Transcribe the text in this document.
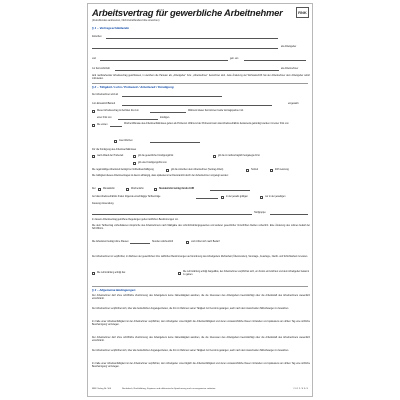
RNK
Arbeitsvertrag für gewerbliche Arbeitnehmer
(Zutreffendes ankreuzen, Nichtzutreffendes bitte streichen)
§ 1 – Vertragsschließende
Zwischen
als Arbeitgeber
und	geb. am
zur Zeit wohnhaft	als Arbeitnehmer
wird nachstehender Arbeitsvertrag geschlossen, in welchem die Parteien als „Arbeitgeber“ bzw. „Arbeitnehmer“ bezeichnet sind. Jede Änderung der Wohnanschrift hat der Arbeitnehmer dem Arbeitgeber sofort mitzuteilen.
§ 2 – Tätigkeit / Lohn / Probezeit / Arbeitszeit / Kündigung
Der Arbeitnehmer wird ab
zum Einsatzort/Betrieb	eingestellt.
Dieser Arbeitsvertrag ist befristet bis zum	Während dieser Zeit können beide Vertragspartner mit
einer Frist von	kündigen.
Die ersten	Wochen/Monate des Arbeitsverhältnisses gelten als Probezeit. Während der Probezeit kann das Arbeitsverhältnis beiderseits gekündigt werden mit einer Frist von
zwei Wochen
Für die Kündigung des Arbeitsverhältnisses
nach Ablauf der Probezeit	gilt die gesetzliche Kündigungsfrist	gilt die im tarifvertraglich festgelegte Frist
gilt eine Kündigungsfrist von
Die regelmäßige Arbeitszeit beträgt bei Vollzeitbeschäftigung	gilt die zwischen dem Arbeitnehmer (Vertrag Arbeit)	Teilzeit	40/h Leistung
Die Gültigkeit dieses Arbeitsvertrages ist davon abhängig, dass spätestens bei Dienstantritt durch den Arbeitnehmer vorgelegt werden:
Der	Monatslohn	Wochenlohn	Stundenlohn beträgt brutto EUR
Auf das Arbeitsverhältnis finden folgende einschlägige Tarifverträge	in der jeweils gültigen	nur in der jeweiligen
Fassung Anwendung.
Tarifgruppe:
In diesem Arbeitsvertrag getroffene Regelungen gehen tariflichen Bestimmungen vor.
Die dem Tarifvertrag vorbehaltenen Ansprüche des Arbeitnehmers nach Maßgabe des Lohnfortzahlungsgesetzes und anderer gesetzlicher Vorschriften bleiben unberührt. Eine Änderung des Lohnes bedarf der Schriftform.
Die Arbeitszeit beträgt ohne Pausen	Stunden wöchentlich	und richtet sich nach Bedarf
Der Arbeitnehmer ist verpflichtet, im Rahmen der gesetzlichen bzw. tariflichen Bestimmungen auf Anordnung des Arbeitgebers Mehrarbeit (Überstunden), Sonntags-, Feiertags-, Nacht- und Schichtarbeit zu leisten.
Die Lohnzahlung erfolgt bar.	Die Lohnzahlung erfolgt bargeldlos, der Arbeitnehmer verpflichtet sich, ein Konto einzurichten und dem Arbeitgeber bekannt zu geben.
§ 3 – Allgemeine Bedingungen
Der Arbeitnehmer darf ohne schriftliche Zustimmung des Arbeitgebers keine Nebentätigkeit ausüben, die die Interessen des Arbeitgebers beeinträchtigt oder die Arbeitskraft des Arbeitnehmers wesentlich einschränkt.
Der Arbeitnehmer verpflichtet sich, über alle betrieblichen Angelegenheiten, die ihm im Rahmen seiner Tätigkeit zur Kenntnis gelangen, auch nach dem Ausscheiden Stillschweigen zu bewahren.
Im Falle einer Arbeitsunfähigkeit ist der Arbeitnehmer verpflichtet, dem Arbeitgeber unverzüglich die Arbeitsunfähigkeit und deren voraussichtliche Dauer mitzuteilen und spätestens am dritten Tag eine ärztliche Bescheinigung vorzulegen.
Der Arbeitnehmer darf ohne schriftliche Zustimmung des Arbeitgebers keine Nebentätigkeit ausüben, die die Interessen des Arbeitgebers beeinträchtigt oder die Arbeitskraft des Arbeitnehmers wesentlich einschränkt.
Der Arbeitnehmer verpflichtet sich, über alle betrieblichen Angelegenheiten, die ihm im Rahmen seiner Tätigkeit zur Kenntnis gelangen, auch nach dem Ausscheiden Stillschweigen zu bewahren.
Im Falle einer Arbeitsunfähigkeit ist der Arbeitnehmer verpflichtet, dem Arbeitgeber unverzüglich die Arbeitsunfähigkeit und deren voraussichtliche Dauer mitzuteilen und spätestens am dritten Tag eine ärztliche Bescheinigung vorzulegen.
RNK Verlag Nr. 500	Nachdruck, Nachbildung, Kopieren und elektronische Speicherung auch auszugsweise verboten.	2 0 1 2 / 0 3 / 0
